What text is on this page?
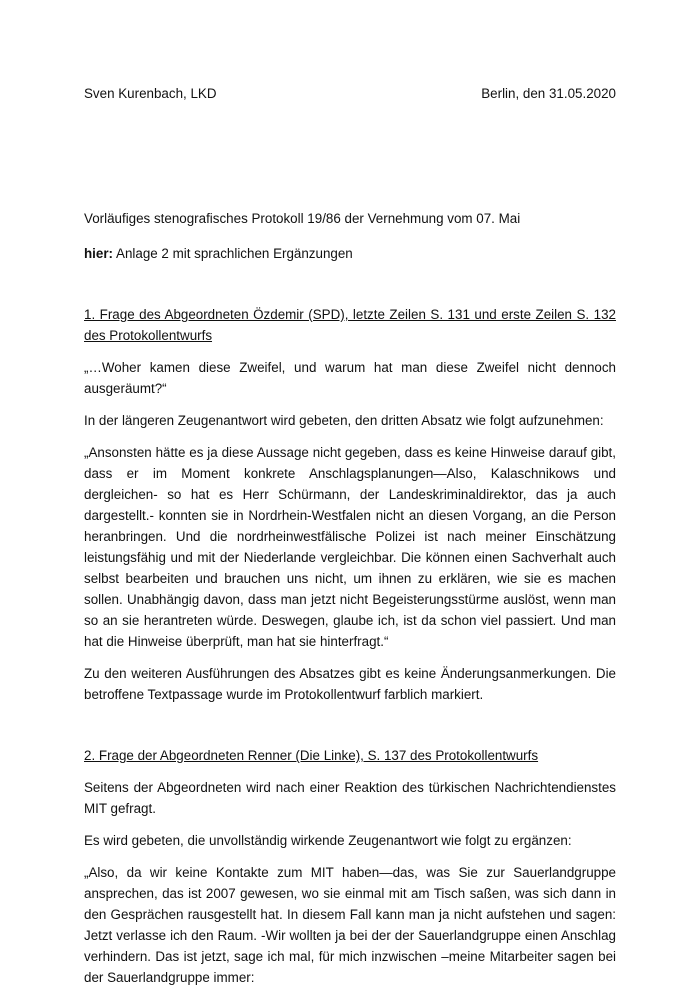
Sven Kurenbach, LKD	Berlin, den 31.05.2020

Vorläufiges stenografisches Protokoll 19/86 der Vernehmung vom 07. Mai

hier: Anlage 2 mit sprachlichen Ergänzungen

1. Frage des Abgeordneten Özdemir (SPD), letzte Zeilen S. 131 und erste Zeilen S. 132 des Protokollentwurfs

„…Woher kamen diese Zweifel, und warum hat man diese Zweifel nicht dennoch ausgeräumt?“

In der längeren Zeugenantwort wird gebeten, den dritten Absatz wie folgt aufzunehmen:

„Ansonsten hätte es ja diese Aussage nicht gegeben, dass es keine Hinweise darauf gibt, dass er im Moment konkrete Anschlagsplanungen—Also, Kalaschnikows und dergleichen- so hat es Herr Schürmann, der Landeskriminaldirektor, das ja auch dargestellt.- konnten sie in Nordrhein-Westfalen nicht an diesen Vorgang, an die Person heranbringen. Und die nordrheinwestfälische Polizei ist nach meiner Einschätzung leistungsfähig und mit der Niederlande vergleichbar. Die können einen Sachverhalt auch selbst bearbeiten und brauchen uns nicht, um ihnen zu erklären, wie sie es machen sollen. Unabhängig davon, dass man jetzt nicht Begeisterungsstürme auslöst, wenn man so an sie herantreten würde. Deswegen, glaube ich, ist da schon viel passiert. Und man hat die Hinweise überprüft, man hat sie hinterfragt.“

Zu den weiteren Ausführungen des Absatzes gibt es keine Änderungsanmerkungen. Die betroffene Textpassage wurde im Protokollentwurf farblich markiert.

2. Frage der Abgeordneten Renner (Die Linke), S. 137 des Protokollentwurfs

Seitens der Abgeordneten wird nach einer Reaktion des türkischen Nachrichtendienstes MIT gefragt.

Es wird gebeten, die unvollständig wirkende Zeugenantwort wie folgt zu ergänzen:

„Also, da wir keine Kontakte zum MIT haben—das, was Sie zur Sauerlandgruppe ansprechen, das ist 2007 gewesen, wo sie einmal mit am Tisch saßen, was sich dann in den Gesprächen rausgestellt hat. In diesem Fall kann man ja nicht aufstehen und sagen: Jetzt verlasse ich den Raum. -Wir wollten ja bei der der Sauerlandgruppe einen Anschlag verhindern. Das ist jetzt, sage ich mal, für mich inzwischen –meine Mitarbeiter sagen bei der Sauerlandgruppe immer:
